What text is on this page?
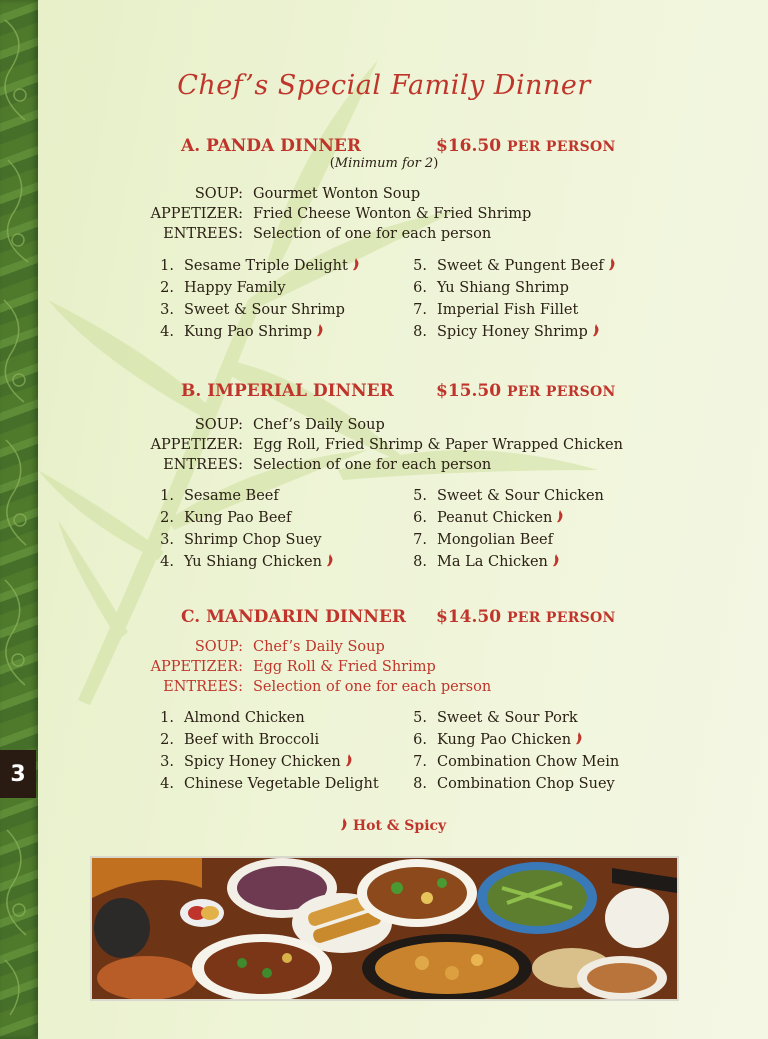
3
Chef’s Special Family Dinner
A. PANDA DINNER	$16.50 PER PERSON
(Minimum for 2)
SOUP: Gourmet Wonton Soup
APPETIZER: Fried Cheese Wonton & Fried Shrimp
ENTREES: Selection of one for each person
1. Sesame Triple Delight
2. Happy Family
3. Sweet & Sour Shrimp
4. Kung Pao Shrimp
5. Sweet & Pungent Beef
6. Yu Shiang Shrimp
7. Imperial Fish Fillet
8. Spicy Honey Shrimp
B. IMPERIAL DINNER $15.50 PER PERSON
SOUP: Chef’s Daily Soup
APPETIZER: Egg Roll, Fried Shrimp & Paper Wrapped Chicken
ENTREES: Selection of one for each person
1. Sesame Beef
2. Kung Pao Beef
3. Shrimp Chop Suey
4. Yu Shiang Chicken
5. Sweet & Sour Chicken
6. Peanut Chicken
7. Mongolian Beef
8. Ma La Chicken
C. MANDARIN DINNER $14.50 PER PERSON
SOUP: Chef’s Daily Soup
APPETIZER: Egg Roll & Fried Shrimp
ENTREES: Selection of one for each person
1. Almond Chicken
2. Beef with Broccoli
3. Spicy Honey Chicken
4. Chinese Vegetable Delight
5. Sweet & Sour Pork
6. Kung Pao Chicken
7. Combination Chow Mein
8. Combination Chop Suey
Hot & Spicy
